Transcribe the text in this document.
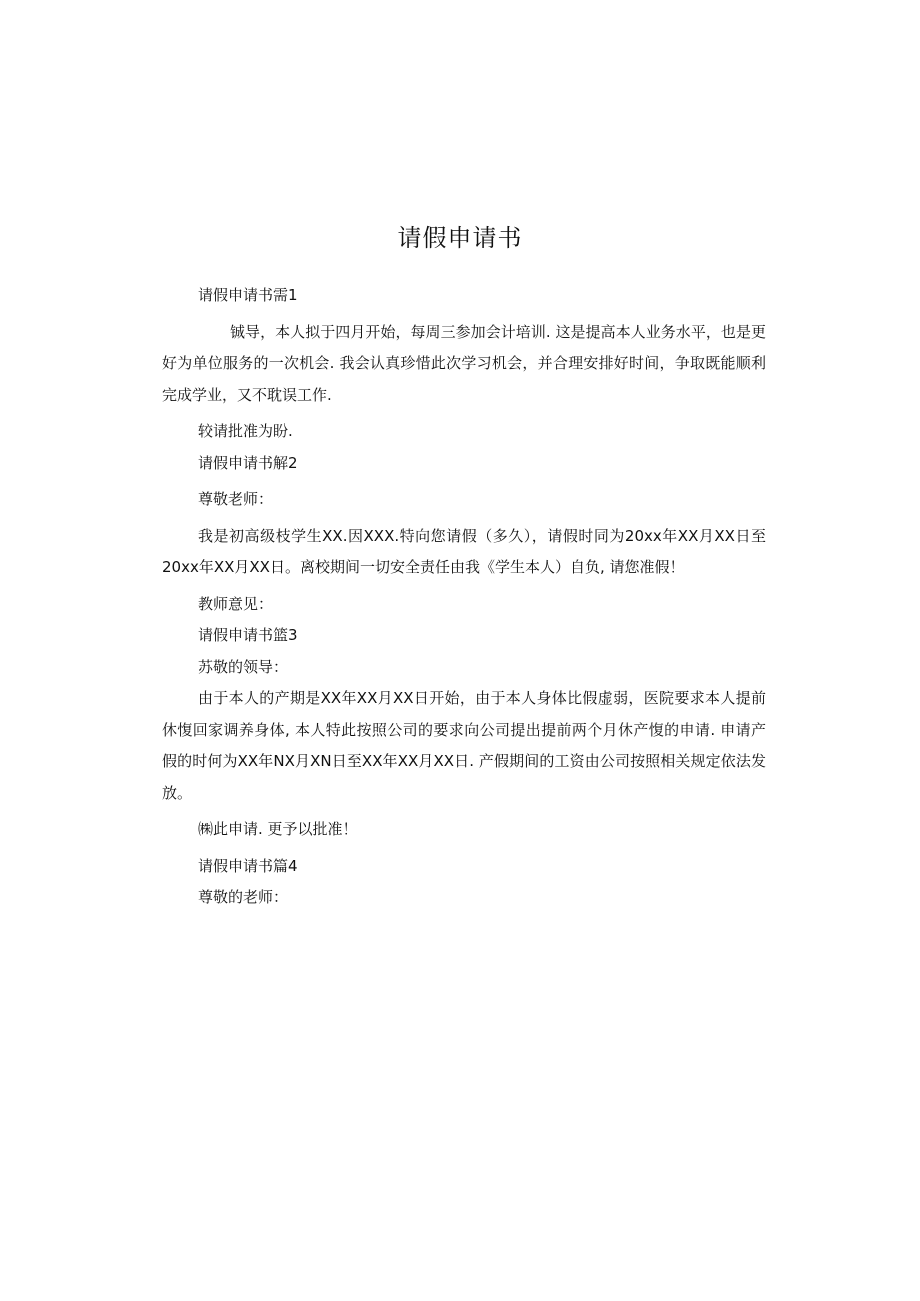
请假申请书

请假申请书需1

铖导，本人拟于四月开始，每周三参加会计培训. 这是提高本人业务水平，也是更好为单位服务的一次机会. 我会认真珍惜此次学习机会，并合理安排好时间，争取既能顺利完成学业，又不耽误工作.

较请批准为盼.

请假申请书解2

尊敬老师：

我是初高级枝学生XX.因XXX.特向您请假（多久），请假时同为20xx年XX月XX日至20xx年XX月XX日。离校期间一切安全责任由我《学生本人）自负, 请您准假！

教师意见：

请假申请书篮3

苏敬的领导：

由于本人的产期是XX年XX月XX日开始，由于本人身体比假虚弱，医院要求本人提前休愎回家调养身体, 本人特此按照公司的要求向公司提出提前两个月休产愎的申请. 申请产假的时何为XX年NX月XN日至XX年XX月XX日. 产假期间的工资由公司按照相关规定依法发放。

㈱此申请. 更予以批准！

请假申请书篇4

尊敬的老师：
